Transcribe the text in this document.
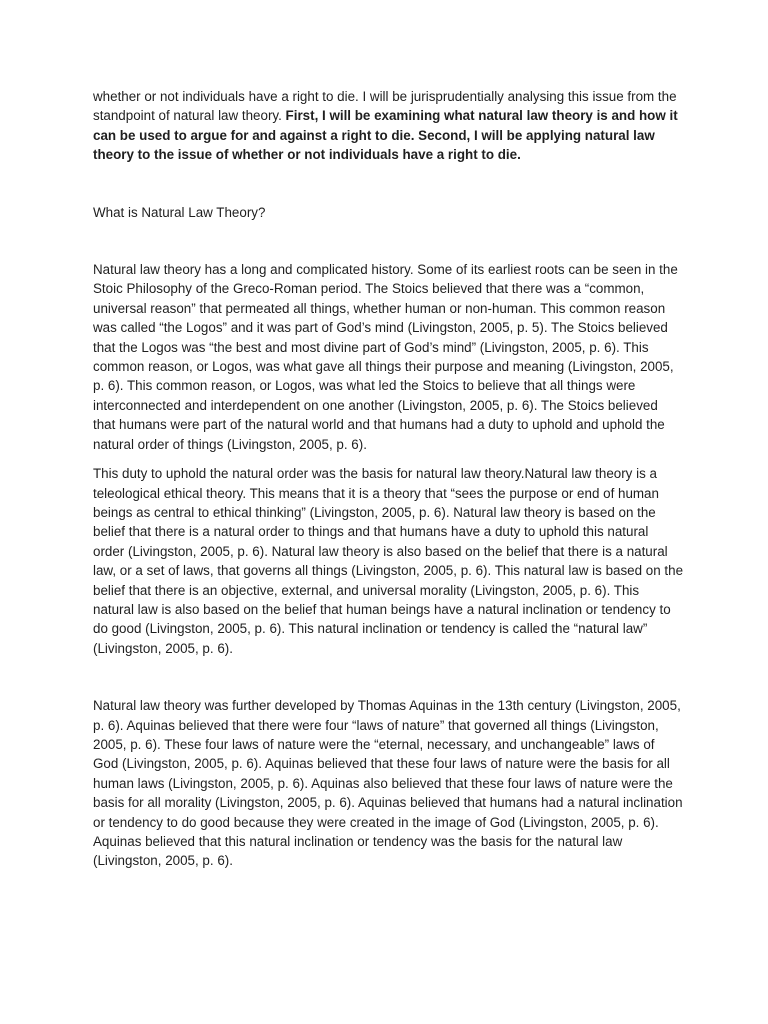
whether or not individuals have a right to die. I will be jurisprudentially analysing this issue from the standpoint of natural law theory. First, I will be examining what natural law theory is and how it can be used to argue for and against a right to die. Second, I will be applying natural law theory to the issue of whether or not individuals have a right to die.

What is Natural Law Theory?

Natural law theory has a long and complicated history. Some of its earliest roots can be seen in the Stoic Philosophy of the Greco-Roman period. The Stoics believed that there was a “common, universal reason” that permeated all things, whether human or non-human. This common reason was called “the Logos” and it was part of God’s mind (Livingston, 2005, p. 5). The Stoics believed that the Logos was “the best and most divine part of God’s mind” (Livingston, 2005, p. 6). This common reason, or Logos, was what gave all things their purpose and meaning (Livingston, 2005, p. 6). This common reason, or Logos, was what led the Stoics to believe that all things were interconnected and interdependent on one another (Livingston, 2005, p. 6). The Stoics believed that humans were part of the natural world and that humans had a duty to uphold and uphold the natural order of things (Livingston, 2005, p. 6).

This duty to uphold the natural order was the basis for natural law theory.Natural law theory is a teleological ethical theory. This means that it is a theory that “sees the purpose or end of human beings as central to ethical thinking” (Livingston, 2005, p. 6). Natural law theory is based on the belief that there is a natural order to things and that humans have a duty to uphold this natural order (Livingston, 2005, p. 6). Natural law theory is also based on the belief that there is a natural law, or a set of laws, that governs all things (Livingston, 2005, p. 6). This natural law is based on the belief that there is an objective, external, and universal morality (Livingston, 2005, p. 6). This natural law is also based on the belief that human beings have a natural inclination or tendency to do good (Livingston, 2005, p. 6). This natural inclination or tendency is called the “natural law” (Livingston, 2005, p. 6).

Natural law theory was further developed by Thomas Aquinas in the 13th century (Livingston, 2005, p. 6). Aquinas believed that there were four “laws of nature” that governed all things (Livingston, 2005, p. 6). These four laws of nature were the “eternal, necessary, and unchangeable” laws of God (Livingston, 2005, p. 6). Aquinas believed that these four laws of nature were the basis for all human laws (Livingston, 2005, p. 6). Aquinas also believed that these four laws of nature were the basis for all morality (Livingston, 2005, p. 6). Aquinas believed that humans had a natural inclination or tendency to do good because they were created in the image of God (Livingston, 2005, p. 6). Aquinas believed that this natural inclination or tendency was the basis for the natural law (Livingston, 2005, p. 6).
